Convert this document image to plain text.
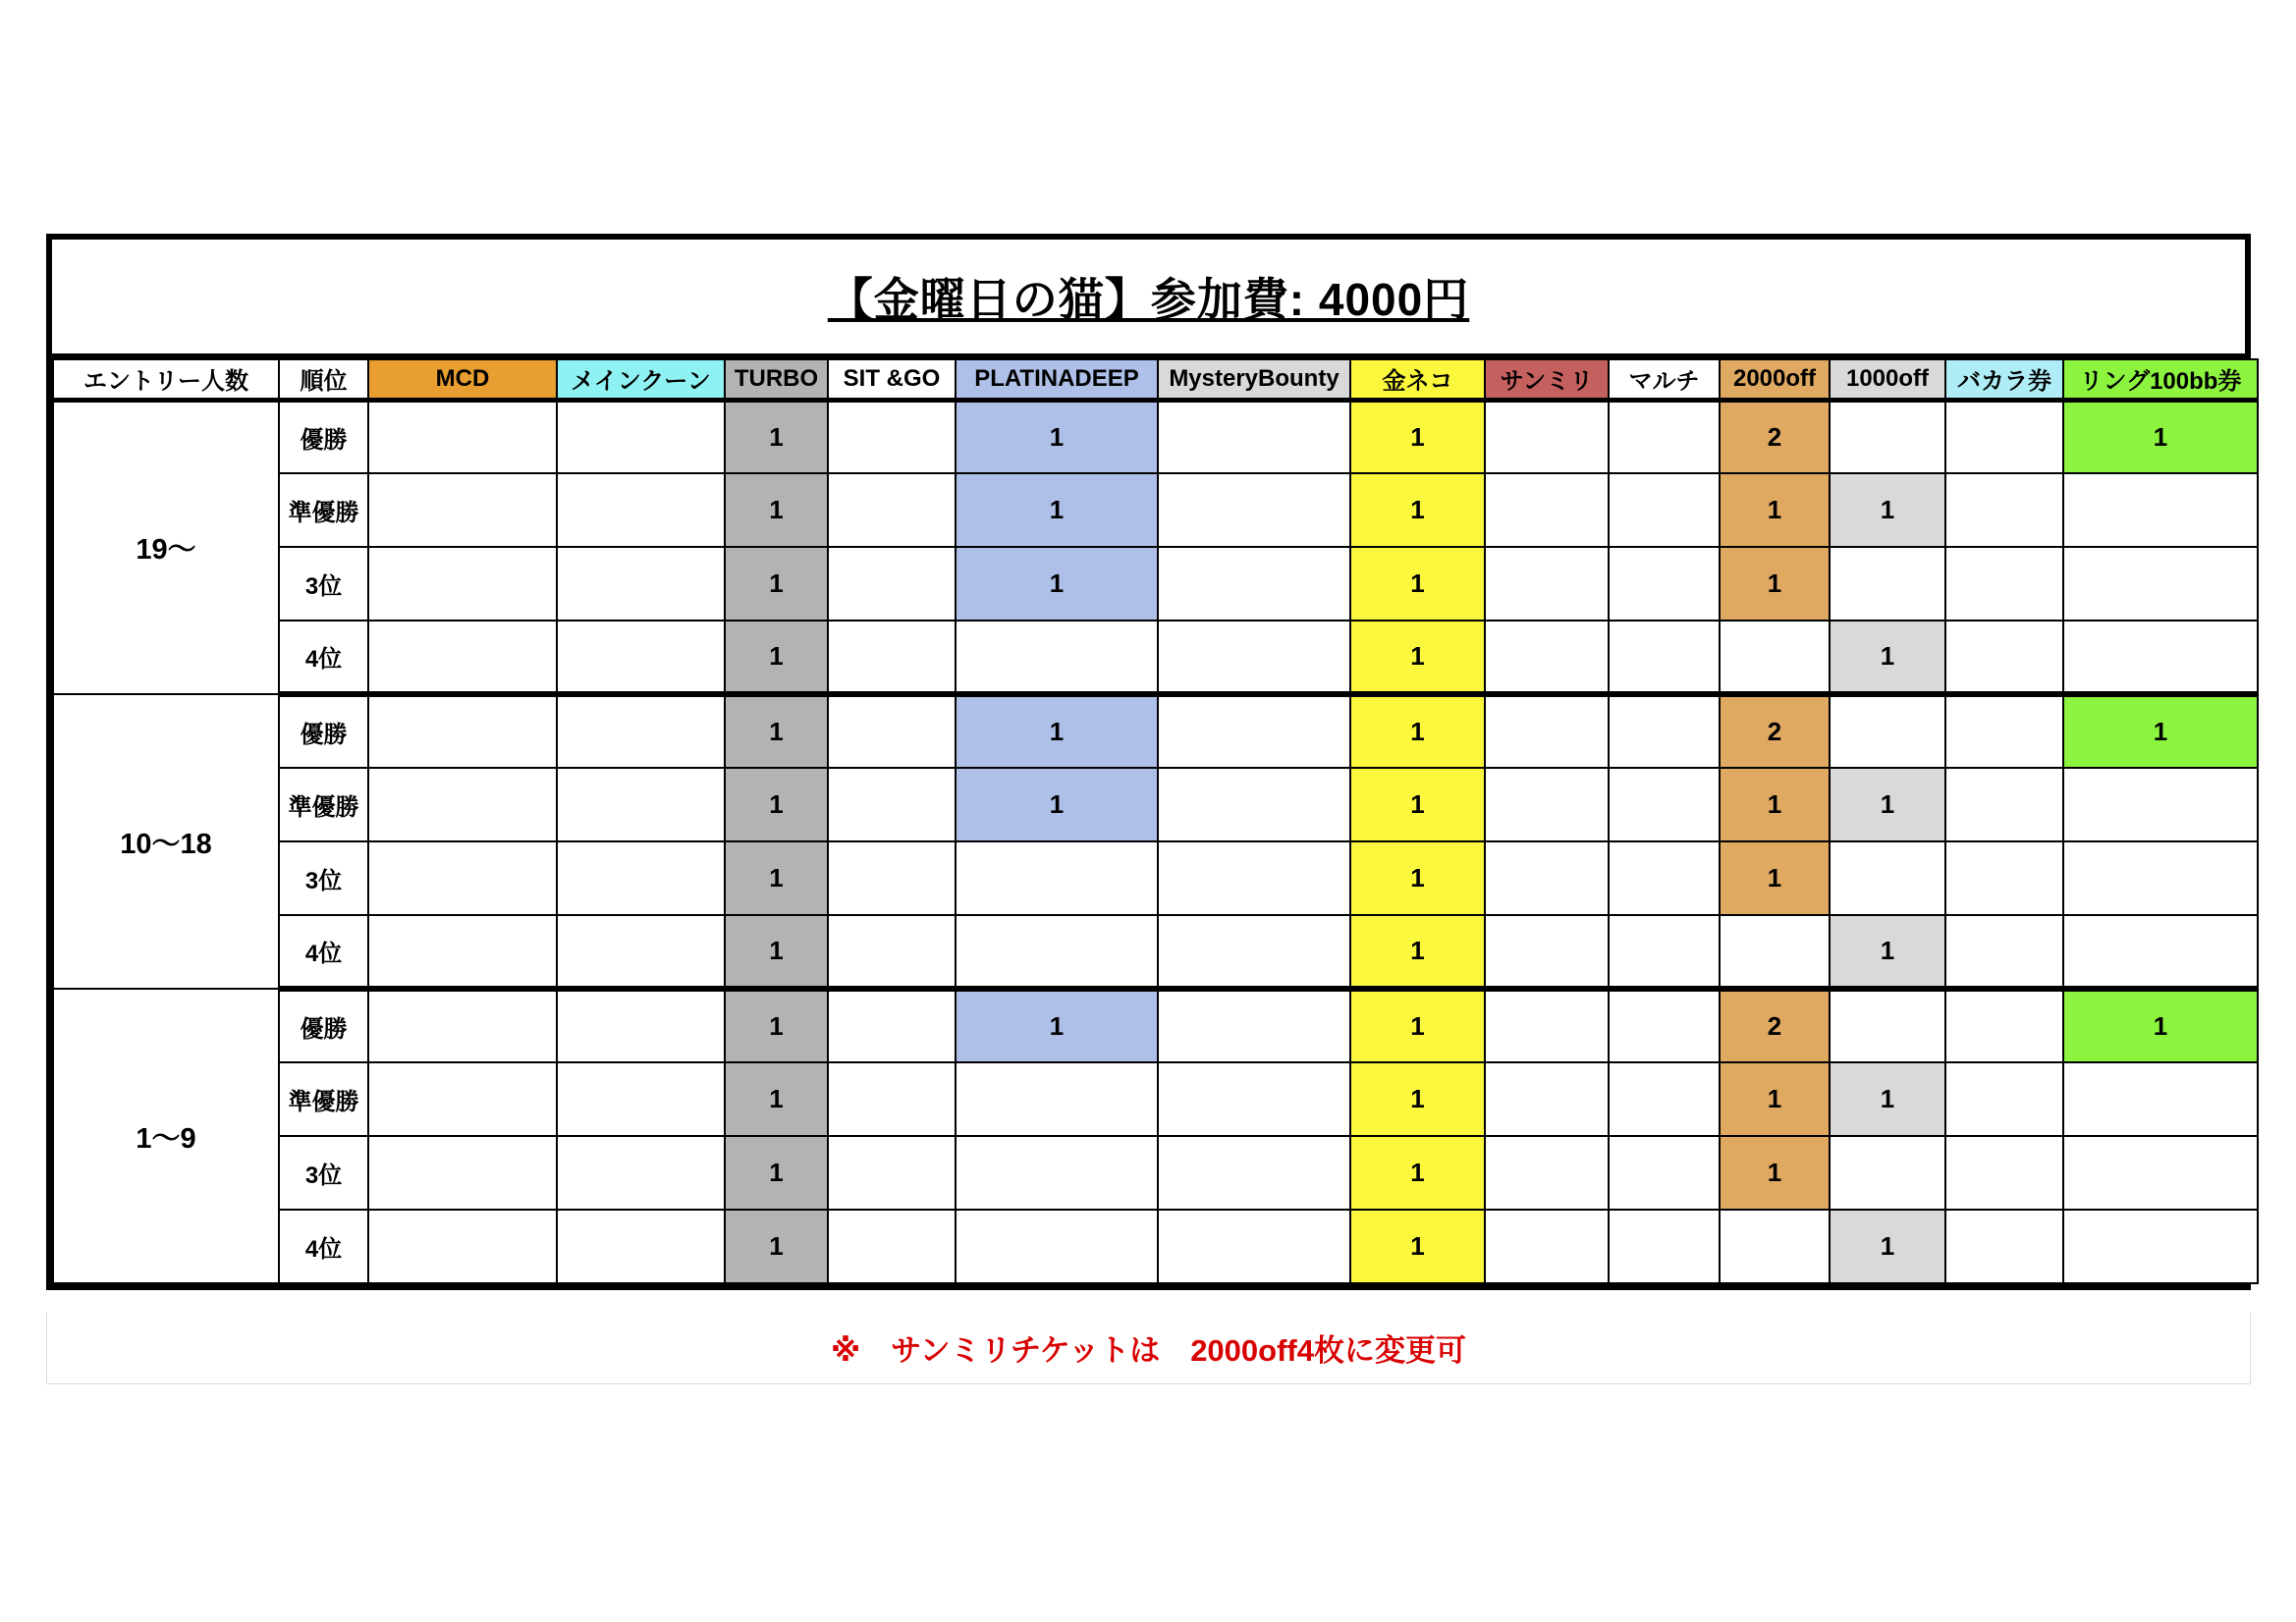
【金曜日の猫】参加費: 4000円
エントリー人数	順位	MCD	メインクーン	TURBO	SIT &GO	PLATINADEEP	MysteryBounty	金ネコ	サンミリ	マルチ	2000off	1000off	バカラ券	リング100bb券
19〜	優勝			1		1		1			2			1
	準優勝			1		1		1			1	1		
	3位			1		1		1			1			
	4位			1				1				1		
10〜18	優勝			1		1		1			2			1
	準優勝			1		1		1			1	1		
	3位			1				1			1			
	4位			1				1				1		
1〜9	優勝			1		1		1			2			1
	準優勝			1				1			1	1		
	3位			1				1			1			
	4位			1				1				1		
※　サンミリチケットは　2000off4枚に変更可
